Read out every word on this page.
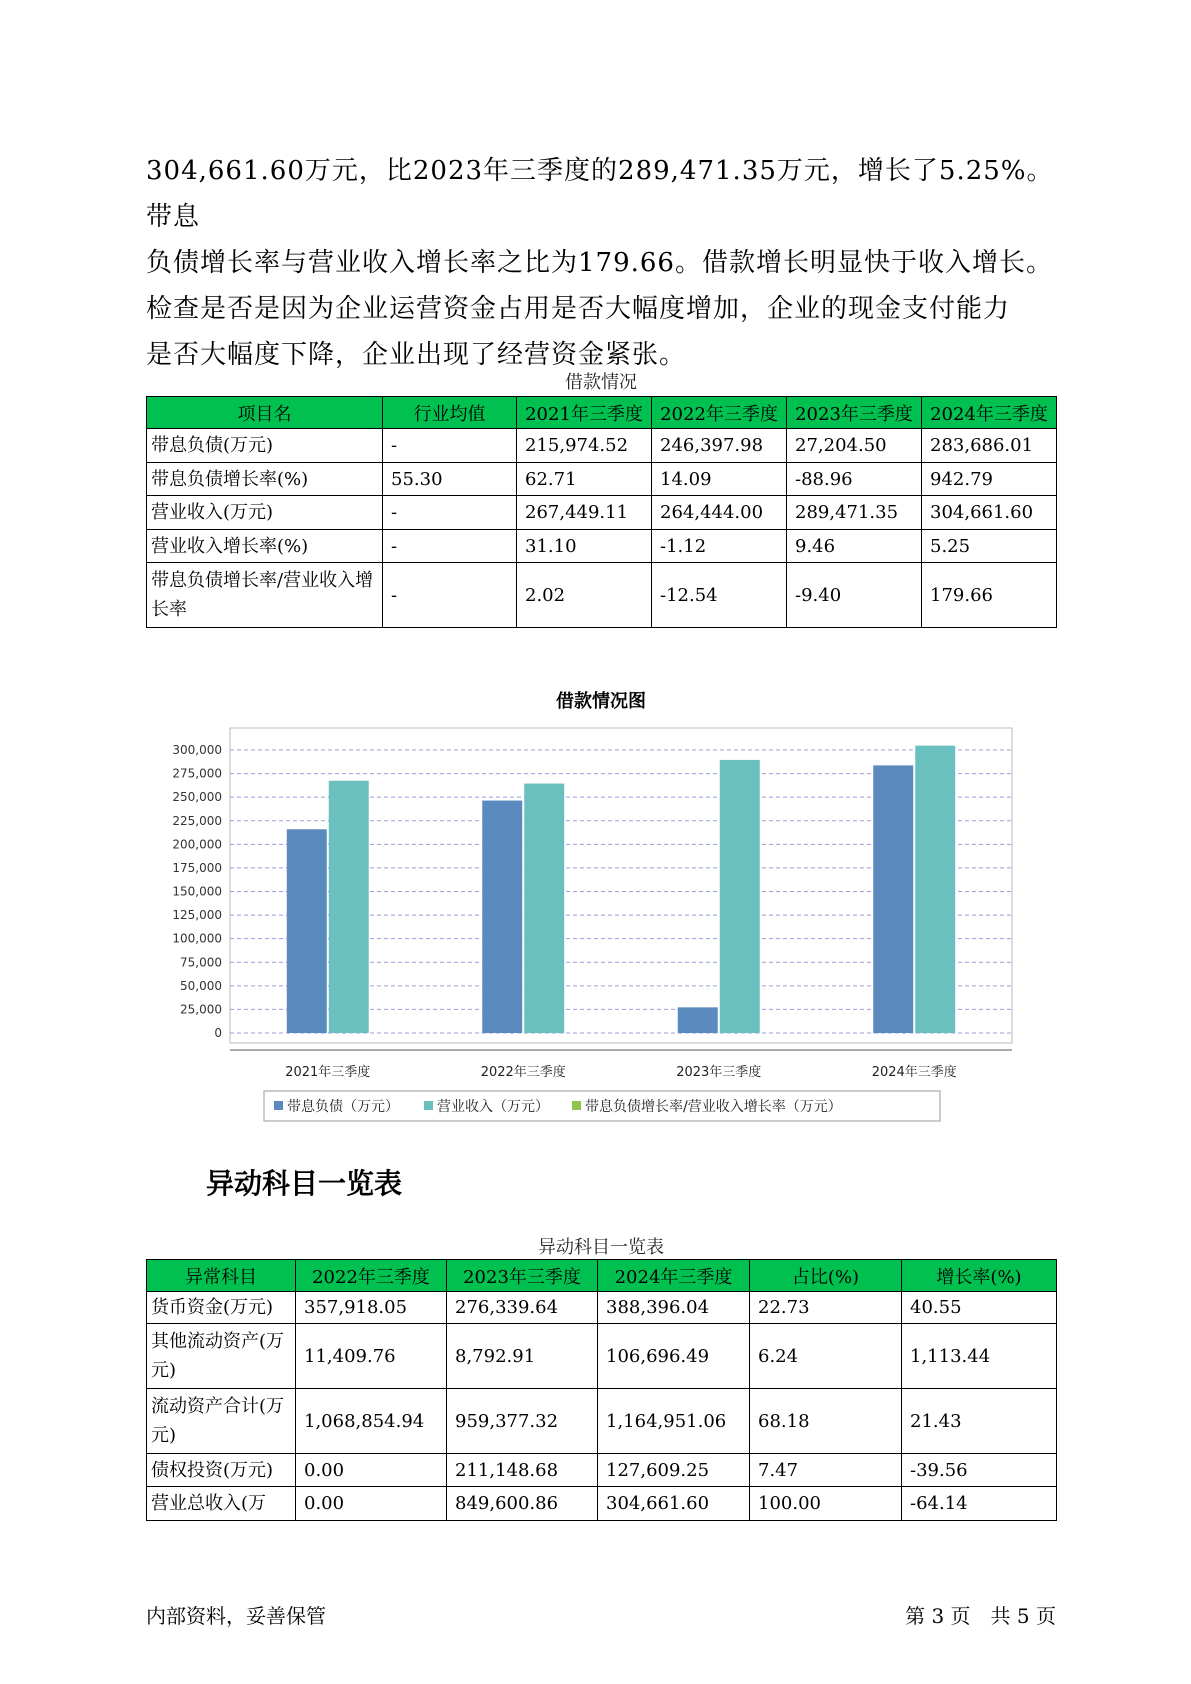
304,661.60万元，比2023年三季度的289,471.35万元，增长了5.25%。带息

负债增长率与营业收入增长率之比为179.66。借款增长明显快于收入增长。

检查是否是因为企业运营资金占用是否大幅度增加，企业的现金支付能力

是否大幅度下降，企业出现了经营资金紧张。

借款情况
项目名	行业均值	2021年三季度	2022年三季度	2023年三季度	2024年三季度
带息负债(万元)	-	215,974.52	246,397.98	27,204.50	283,686.01
带息负债增长率(%)	55.30	62.71	14.09	-88.96	942.79
营业收入(万元)	-	267,449.11	264,444.00	289,471.35	304,661.60
营业收入增长率(%)	-	31.10	-1.12	9.46	5.25
带息负债增长率/营业收入增长率	-	2.02	-12.54	-9.40	179.66
借款情况图
300,000
275,000
250,000
225,000
200,000
175,000
150,000
125,000
100,000
75,000
50,000
25,000
0
2021年三季度	2022年三季度	2023年三季度	2024年三季度
带息负债（万元）	营业收入（万元）	带息负债增长率/营业收入增长率（万元）
异动科目一览表
异动科目一览表
异常科目	2022年三季度	2023年三季度	2024年三季度	占比(%)	增长率(%)
货币资金(万元)	357,918.05	276,339.64	388,396.04	22.73	40.55
其他流动资产(万元)	11,409.76	8,792.91	106,696.49	6.24	1,113.44
流动资产合计(万元)	1,068,854.94	959,377.32	1,164,951.06	68.18	21.43
债权投资(万元)	0.00	211,148.68	127,609.25	7.47	-39.56
营业总收入(万	0.00	849,600.86	304,661.60	100.00	-64.14
内部资料，妥善保管	第 3 页　共 5 页
